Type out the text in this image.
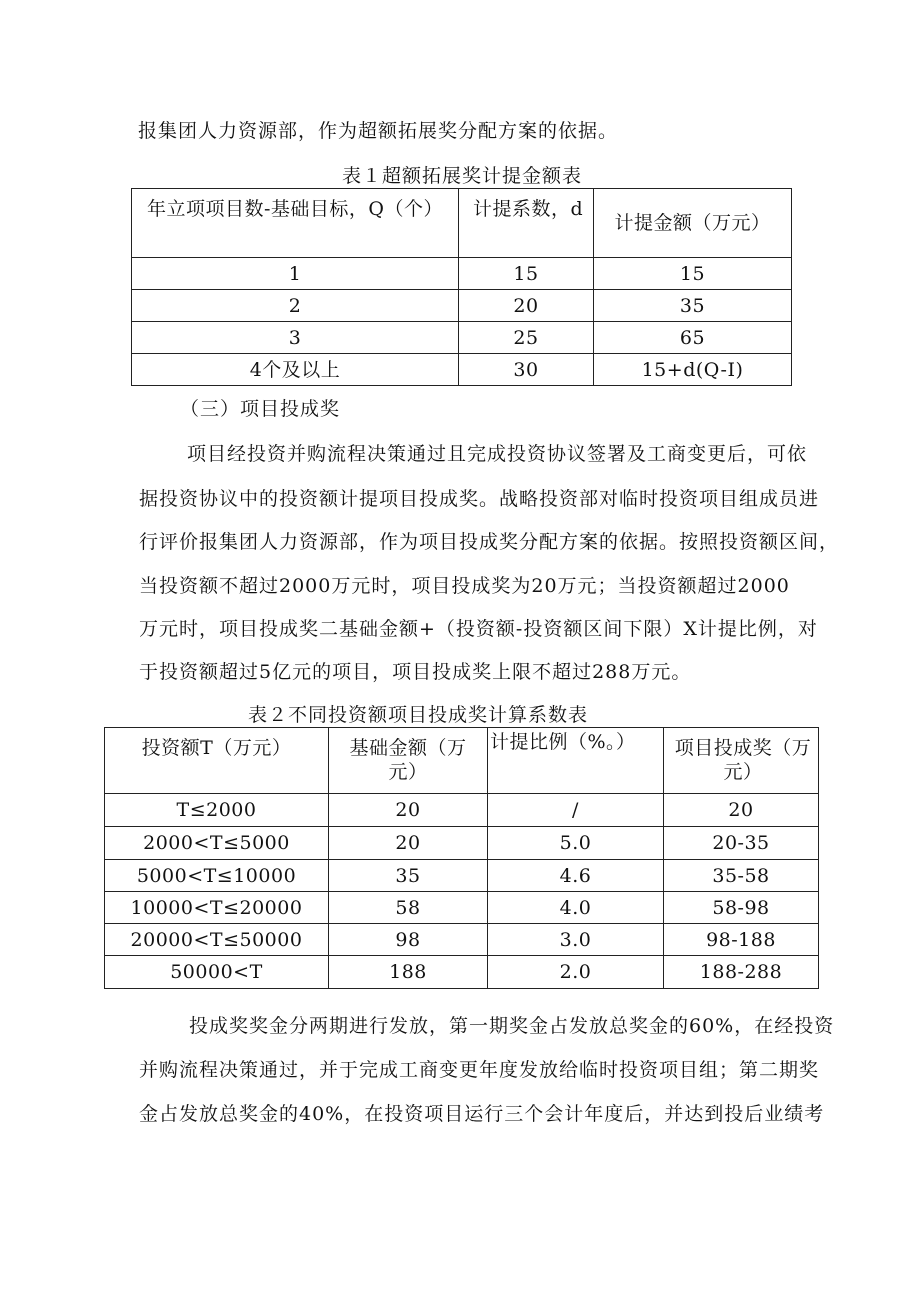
报集团人力资源部，作为超额拓展奖分配方案的依据。
表１超额拓展奖计提金额表
年立项项目数-基础目标，Q（个）	计提系数，d	计提金额（万元）
1	15	15
2	20	35
3	25	65
4个及以上	30	15+d(Q-I)
（三）项目投成奖
项目经投资并购流程决策通过且完成投资协议签署及工商变更后，可依
据投资协议中的投资额计提项目投成奖。战略投资部对临时投资项目组成员进
行评价报集团人力资源部，作为项目投成奖分配方案的依据。按照投资额区间，
当投资额不超过2000万元时，项目投成奖为20万元；当投资额超过2000
万元时，项目投成奖二基础金额+（投资额-投资额区间下限）X计提比例，对
于投资额超过5亿元的项目，项目投成奖上限不超过288万元。
表２不同投资额项目投成奖计算系数表
投资额T（万元）	基础金额（万元）	计提比例（%。）	项目投成奖（万元）
T≤2000	20	/	20
2000<T≤5000	20	5.0	20-35
5000<T≤10000	35	4.6	35-58
10000<T≤20000	58	4.0	58-98
20000<T≤50000	98	3.0	98-188
50000<T	188	2.0	188-288
投成奖奖金分两期进行发放，第一期奖金占发放总奖金的60%，在经投资
并购流程决策通过，并于完成工商变更年度发放给临时投资项目组；第二期奖
金占发放总奖金的40%，在投资项目运行三个会计年度后，并达到投后业绩考
